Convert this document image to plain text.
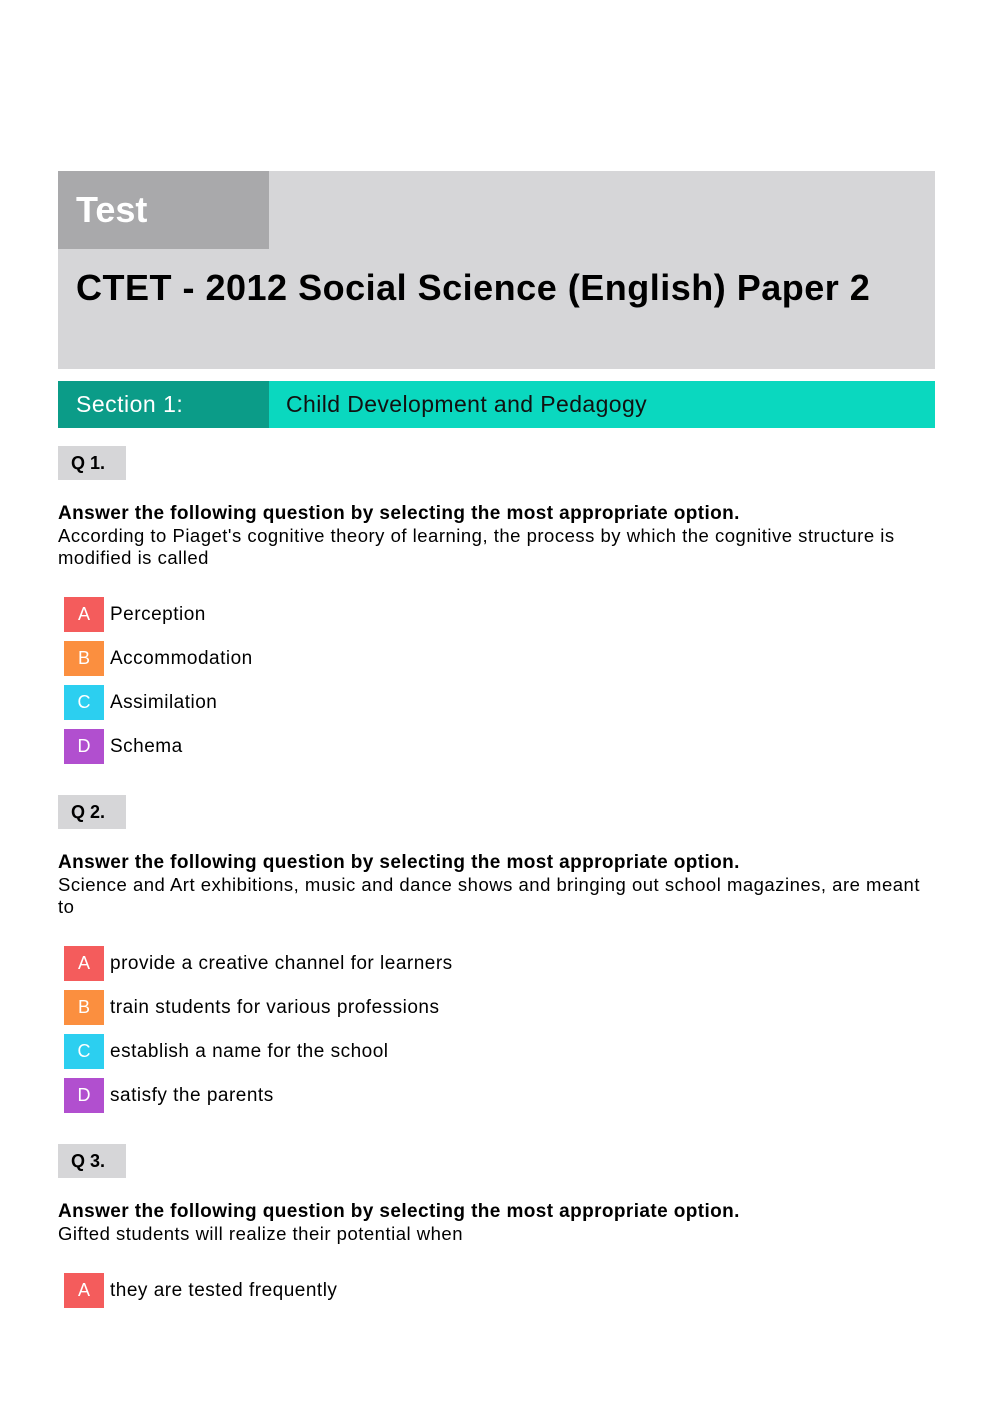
Test
CTET - 2012 Social Science (English) Paper 2
Section 1:	Child Development and Pedagogy
Q 1.
Answer the following question by selecting the most appropriate option.
According to Piaget's cognitive theory of learning, the process by which the cognitive structure is modified is called
A	Perception
B	Accommodation
C	Assimilation
D	Schema
Q 2.
Answer the following question by selecting the most appropriate option.
Science and Art exhibitions, music and dance shows and bringing out school magazines, are meant to
A	provide a creative channel for learners
B	train students for various professions
C	establish a name for the school
D	satisfy the parents
Q 3.
Answer the following question by selecting the most appropriate option.
Gifted students will realize their potential when
A	they are tested frequently
